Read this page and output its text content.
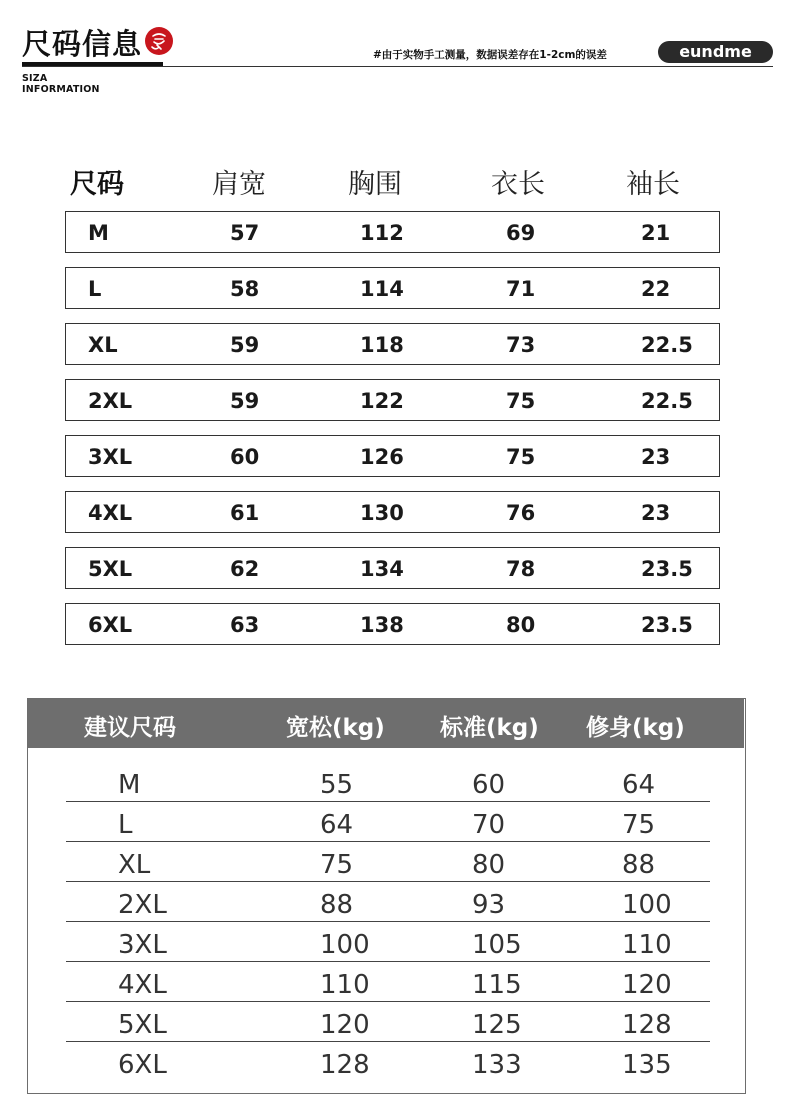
尺码信息
SIZA
INFORMATION
#由于实物手工测量，数据误差存在1-2cm的误差	eundme
尺码	肩宽	胸围	衣长	袖长
M	57	112	69	21
L	58	114	71	22
XL	59	118	73	22.5
2XL	59	122	75	22.5
3XL	60	126	75	23
4XL	61	130	76	23
5XL	62	134	78	23.5
6XL	63	138	80	23.5
建议尺码	宽松(kg) 标准(kg) 修身(kg)
M	55	60	64
L	64	70	75
XL	75	80	88
2XL	88	93	100
3XL	100	105	110
4XL	110	115	120
5XL	120	125	128
6XL	128	133	135
